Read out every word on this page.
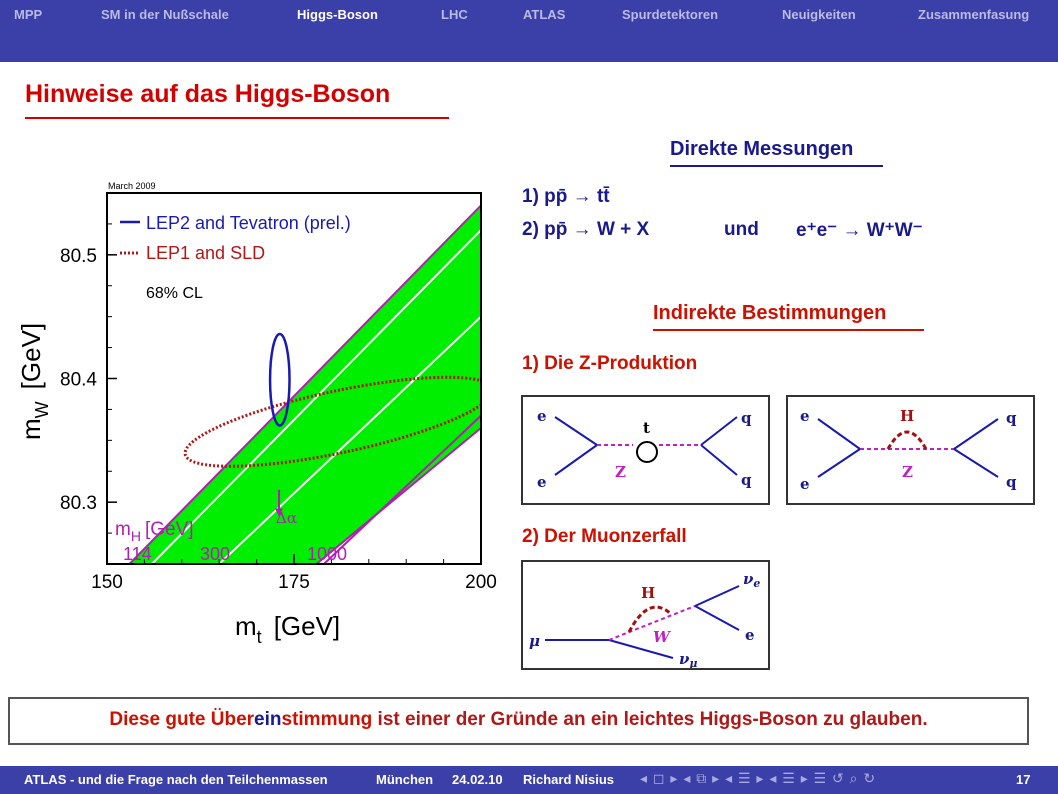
MPP	SM in der Nußschale	Higgs-Boson	LHC	ATLAS	Spurdetektoren	Neuigkeiten	Zusammenfasung
Hinweise auf das Higgs-Boson
150	175	200
80.3
80.4
80.5
March 2009
LEP2 and Tevatron (prel.)
LEP1 and SLD
68% CL
$m_t$ [GeV]
$m_W[GeV]$
$m_H$ [GeV]
114	300	1000
Δα
Direkte Messungen
1) pp̄ → tt̄
2) pp̄ → W + X	und e⁺e⁻ → W⁺W⁻
Indirekte Bestimmungen
1) Die Z-Produktion
2) Der Muonzerfall
e
e
t
Z
q
q
e
e
H
Z
q
q
μ
H
W
$\nu_\mu$
$\nu_e$
e
Diese gute Übereinstimmung ist einer der Gründe an ein leichtes Higgs-Boson zu glauben.
ATLAS - und die Frage nach den Teilchenmassen	München 24.02.10 Richard Nisius ◂ ◻ ▸ ◂ ⧉ ▸ ◂ ☰ ▸ ◂ ☰ ▸ ☰ ↺ ⌕ ↻	17
